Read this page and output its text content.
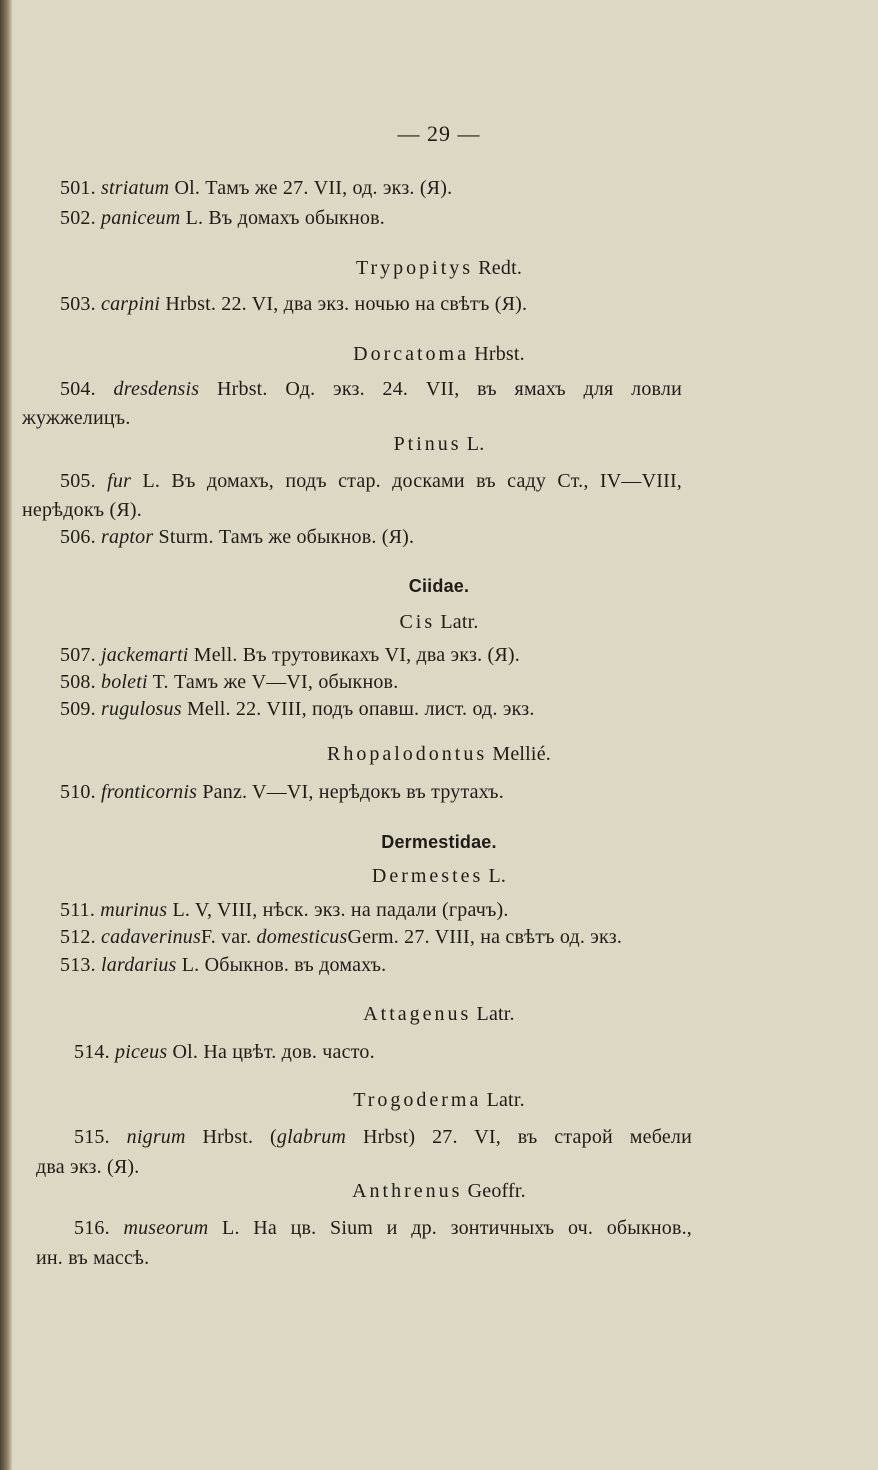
— 29 —
501. striatum Ol. Тамъ же 27. VII, од. экз. (Я).
502. paniceum L. Въ домахъ обыкнов.
Trypopitys Redt.
503. carpini Hrbst. 22. VI, два экз. ночью на свѣтъ (Я).
Dorcatoma Hrbst.
504. dresdensis Hrbst. Од. экз. 24. VII, въ ямахъ для ловли
жужжелицъ.
Ptinus L.
505. fur L. Въ домахъ, подъ стар. досками въ саду Ст., IV—VIII,
нерѣдокъ (Я).
506. raptor Sturm. Тамъ же обыкнов. (Я).
Ciidae.
Cis Latr.
507. jackemarti Mell. Въ трутовикахъ VI, два экз. (Я).
508. boleti T. Тамъ же V—VI, обыкнов.
509. rugulosus Mell. 22. VIII, подъ опавш. лист. од. экз.
Rhopalodontus Mellié.
510. fronticornis Panz. V—VI, нерѣдокъ въ трутахъ.
Dermestidae.
Dermestes L.
511. murinus L. V, VIII, нѣск. экз. на падали (грачъ).
512. cadaverinusF. var. domesticusGerm. 27. VIII, на свѣтъ од. экз.
513. lardarius L. Обыкнов. въ домахъ.
Attagenus Latr.
514. piceus Ol. На цвѣт. дов. часто.
Trogoderma Latr.
515. nigrum Hrbst. (glabrum Hrbst) 27. VI, въ старой мебели
два экз. (Я).
Anthrenus Geoffr.
516. museorum L. На цв. Sium и др. зонтичныхъ оч. обыкнов.,
ин. въ массѣ.
